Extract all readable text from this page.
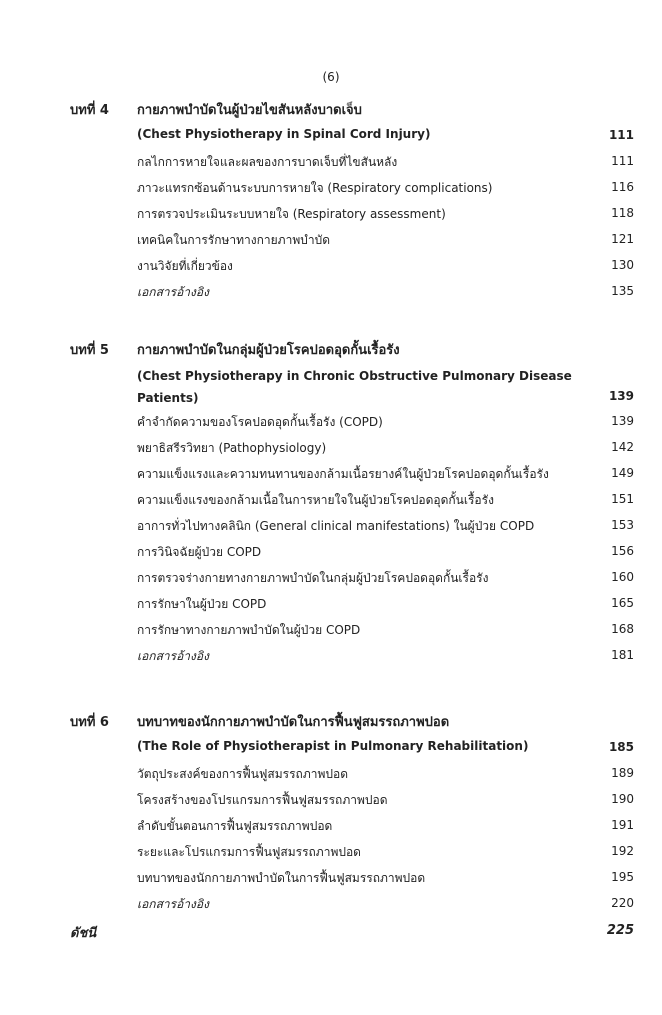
(6)
บทที่ 4 กายภาพบำบัดในผู้ป่วยไขสันหลังบาดเจ็บ
(Chest Physiotherapy in Spinal Cord Injury)	111
กลไกการหายใจและผลของการบาดเจ็บที่ไขสันหลัง	111
ภาวะแทรกซ้อนด้านระบบการหายใจ (Respiratory complications)	116
การตรวจประเมินระบบหายใจ (Respiratory assessment)	118
เทคนิคในการรักษาทางกายภาพบำบัด	121
งานวิจัยที่เกี่ยวข้อง	130
เอกสารอ้างอิง	135
บทที่ 5 กายภาพบำบัดในกลุ่มผู้ป่วยโรคปอดอุดกั้นเรื้อรัง
(Chest Physiotherapy in Chronic Obstructive Pulmonary Disease Patients)	139
คำจำกัดความของโรคปอดอุดกั้นเรื้อรัง (COPD)	139
พยาธิสรีรวิทยา (Pathophysiology)	142
ความแข็งแรงและความทนทานของกล้ามเนื้อรยางค์ในผู้ป่วยโรคปอดอุดกั้นเรื้อรัง	149
ความแข็งแรงของกล้ามเนื้อในการหายใจในผู้ป่วยโรคปอดอุดกั้นเรื้อรัง	151
อาการทั่วไปทางคลินิก (General clinical manifestations) ในผู้ป่วย COPD	153
การวินิจฉัยผู้ป่วย COPD	156
การตรวจร่างกายทางกายภาพบำบัดในกลุ่มผู้ป่วยโรคปอดอุดกั้นเรื้อรัง	160
การรักษาในผู้ป่วย COPD	165
การรักษาทางกายภาพบำบัดในผู้ป่วย COPD	168
เอกสารอ้างอิง	181
บทที่ 6 บทบาทของนักกายภาพบำบัดในการฟื้นฟูสมรรถภาพปอด
(The Role of Physiotherapist in Pulmonary Rehabilitation)	185
วัตถุประสงค์ของการฟื้นฟูสมรรถภาพปอด	189
โครงสร้างของโปรแกรมการฟื้นฟูสมรรถภาพปอด	190
ลำดับขั้นตอนการฟื้นฟูสมรรถภาพปอด	191
ระยะและโปรแกรมการฟื้นฟูสมรรถภาพปอด	192
บทบาทของนักกายภาพบำบัดในการฟื้นฟูสมรรถภาพปอด	195
เอกสารอ้างอิง	220
ดัชนี	225
